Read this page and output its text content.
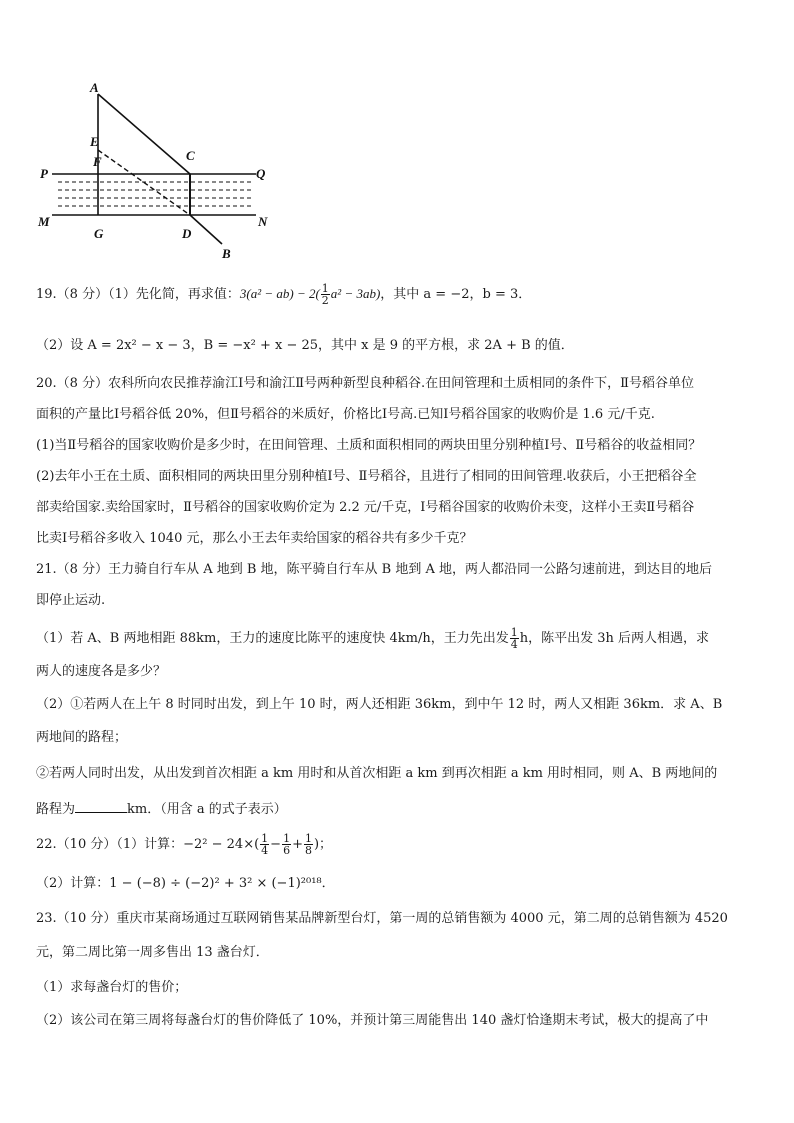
A
E
F	C
P	Q
M	N
G	D
B
19.（8 分）（1）先化简，再求值：$3(a^2 - ab) - 2( \frac{1}{2} a^2 - 3ab)$，其中 a = −2，b = 3．
（2）设 A = 2x² − x − 3，B = −x² + x − 25，其中 x 是 9 的平方根，求 2A + B 的值．
20.（8 分）农科所向农民推荐渝江Ⅰ号和渝江Ⅱ号两种新型良种稻谷.在田间管理和土质相同的条件下，Ⅱ号稻谷单位
面积的产量比Ⅰ号稻谷低 20%，但Ⅱ号稻谷的米质好，价格比Ⅰ号高.已知Ⅰ号稻谷国家的收购价是 1.6 元/千克.
(1)当Ⅱ号稻谷的国家收购价是多少时，在田间管理、土质和面积相同的两块田里分别种植Ⅰ号、Ⅱ号稻谷的收益相同？
(2)去年小王在土质、面积相同的两块田里分别种植Ⅰ号、Ⅱ号稻谷，且进行了相同的田间管理.收获后，小王把稻谷全
部卖给国家.卖给国家时，Ⅱ号稻谷的国家收购价定为 2.2 元/千克，Ⅰ号稻谷国家的收购价未变，这样小王卖Ⅱ号稻谷
比卖Ⅰ号稻谷多收入 1040 元，那么小王去年卖给国家的稻谷共有多少千克？
21.（8 分）王力骑自行车从 A 地到 B 地，陈平骑自行车从 B 地到 A 地，两人都沿同一公路匀速前进，到达目的地后
即停止运动.
（1）若 A、B 两地相距 88km，王力的速度比陈平的速度快 4km/h，王力先出发 $\frac{1}{4}$ h，陈平出发 3h 后两人相遇，求
两人的速度各是多少？
（2）①若两人在上午 8 时同时出发，到上午 10 时，两人还相距 36km，到中午 12 时，两人又相距 36km．求 A、B
两地间的路程；
②若两人同时出发，从出发到首次相距 a km 用时和从首次相距 a km 到再次相距 a km 用时相同，则 A、B 两地间的
路程为	km．（用含 a 的式子表示）
22.（10 分）（1）计算：$-2^2 - 24\times( \frac{1}{4} - \frac{1}{6} + \frac{1}{8}$ )；
（2）计算：1 − (−8) ÷ (−2)² + 3² × (−1)²⁰¹⁸．
23.（10 分）重庆市某商场通过互联网销售某品牌新型台灯，第一周的总销售额为 4000 元，第二周的总销售额为 4520
元，第二周比第一周多售出 13 盏台灯．
（1）求每盏台灯的售价；
（2）该公司在第三周将每盏台灯的售价降低了 10%，并预计第三周能售出 140 盏灯恰逢期末考试，极大的提高了中
